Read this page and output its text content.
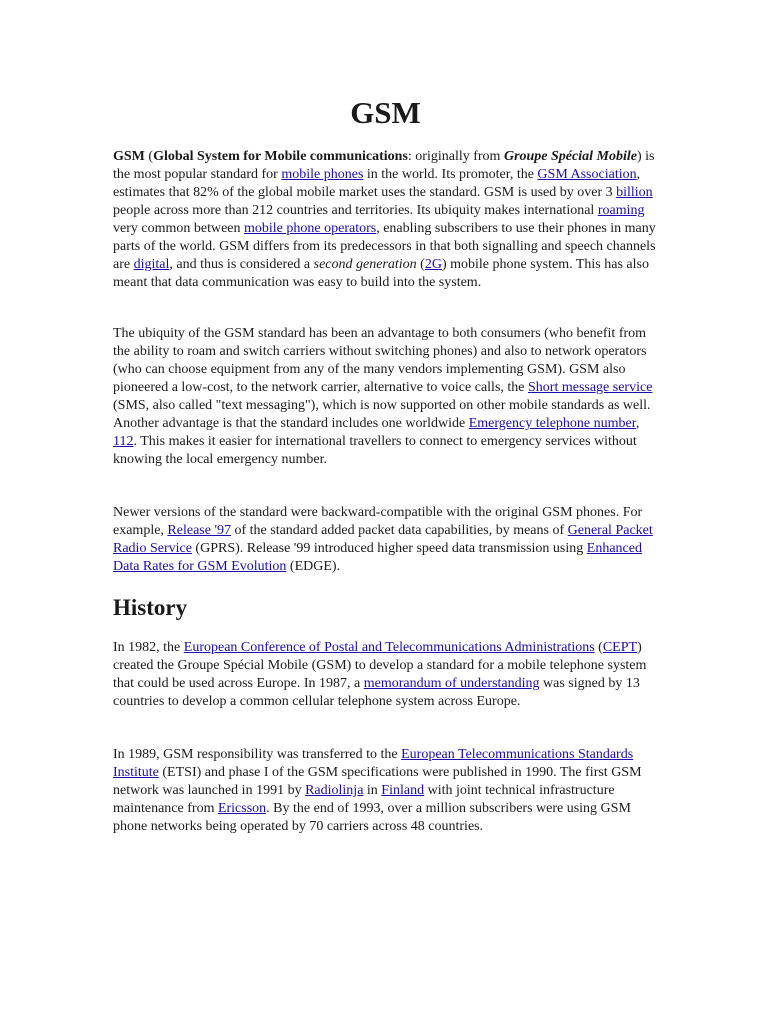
GSM

GSM (Global System for Mobile communications: originally from Groupe Spécial Mobile) is the most popular standard for mobile phones in the world. Its promoter, the GSM Association, estimates that 82% of the global mobile market uses the standard. GSM is used by over 3 billion people across more than 212 countries and territories. Its ubiquity makes international roaming very common between mobile phone operators, enabling subscribers to use their phones in many parts of the world. GSM differs from its predecessors in that both signalling and speech channels are digital, and thus is considered a second generation (2G) mobile phone system. This has also meant that data communication was easy to build into the system.

The ubiquity of the GSM standard has been an advantage to both consumers (who benefit from the ability to roam and switch carriers without switching phones) and also to network operators (who can choose equipment from any of the many vendors implementing GSM). GSM also pioneered a low-cost, to the network carrier, alternative to voice calls, the Short message service (SMS, also called "text messaging"), which is now supported on other mobile standards as well. Another advantage is that the standard includes one worldwide Emergency telephone number, 112. This makes it easier for international travellers to connect to emergency services without knowing the local emergency number.

Newer versions of the standard were backward-compatible with the original GSM phones. For example, Release '97 of the standard added packet data capabilities, by means of General Packet Radio Service (GPRS). Release '99 introduced higher speed data transmission using Enhanced Data Rates for GSM Evolution (EDGE).

History

In 1982, the European Conference of Postal and Telecommunications Administrations (CEPT) created the Groupe Spécial Mobile (GSM) to develop a standard for a mobile telephone system that could be used across Europe. In 1987, a memorandum of understanding was signed by 13 countries to develop a common cellular telephone system across Europe.

In 1989, GSM responsibility was transferred to the European Telecommunications Standards Institute (ETSI) and phase I of the GSM specifications were published in 1990. The first GSM network was launched in 1991 by Radiolinja in Finland with joint technical infrastructure maintenance from Ericsson. By the end of 1993, over a million subscribers were using GSM phone networks being operated by 70 carriers across 48 countries.
